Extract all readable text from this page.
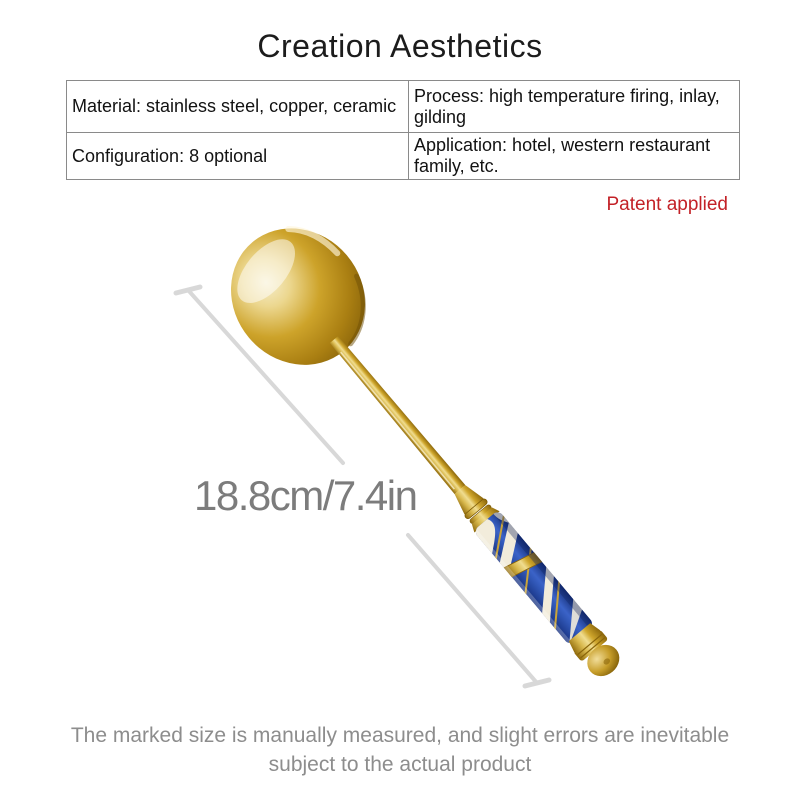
Creation Aesthetics
Material: stainless steel, copper, ceramic
Process: high temperature firing, inlay, gilding
Configuration: 8 optional
Application: hotel, western restaurant family, etc.
Patent applied
18.8cm/7.4in
The marked size is manually measured, and slight errors are inevitable
subject to the actual product
